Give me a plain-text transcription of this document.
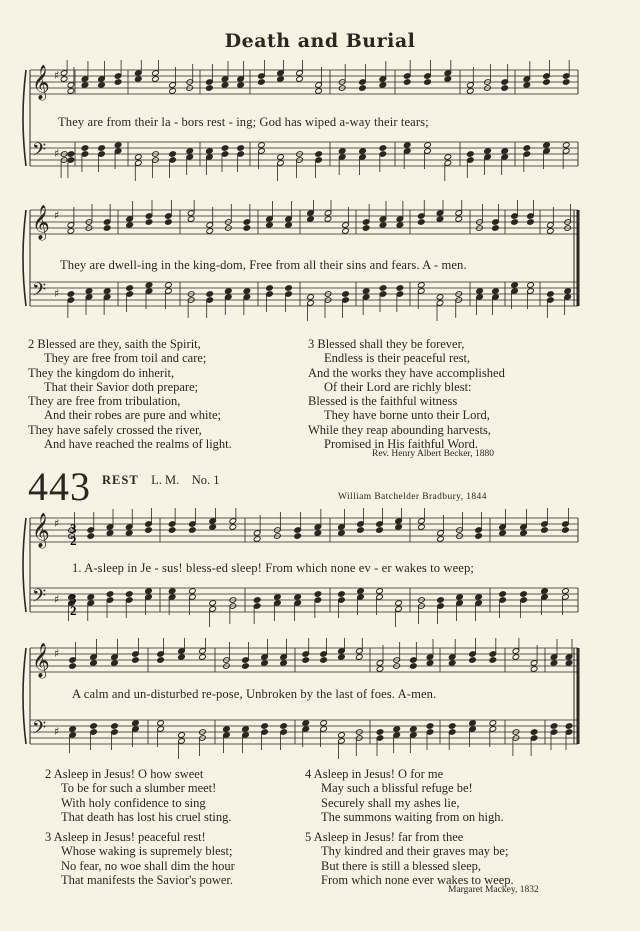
Death and Burial
𝄞 ♯
𝄢 ♯
They are from their la - bors rest - ing; God has wiped a-way their tears;
𝄞 ♯
𝄢 ♯
They are dwell-ing in the king-dom, Free from all their sins and fears. A - men.
2 Blessed are they, saith the Spirit,
They are free from toil and care;
They the kingdom do inherit,
That their Savior doth prepare;
They are free from tribulation,
And their robes are pure and white;
They have safely crossed the river,
And have reached the realms of light.
3 Blessed shall they be forever,
Endless is their peaceful rest,
And the works they have accomplished
Of their Lord are richly blest:
Blessed is the faithful witness
They have borne unto their Lord,
While they reap abounding harvests,
Promised in His faithful Word.
Rev. Henry Albert Becker, 1880
443 REST L. M. No. 1
William Batchelder Bradbury, 1844
𝄞 ♯
𝄢 ♯
3
2
3
2
1. A-sleep in Je - sus! bless-ed sleep! From which none ev - er wakes to weep;
𝄞 ♯
𝄢 ♯
A calm and un-disturbed re-pose, Unbroken by the last of foes. A-men.
2 Asleep in Jesus! O how sweet
To be for such a slumber meet!
With holy confidence to sing
That death has lost his cruel sting.
4 Asleep in Jesus! O for me
May such a blissful refuge be!
Securely shall my ashes lie,
The summons waiting from on high.
3 Asleep in Jesus! peaceful rest!
Whose waking is supremely blest;
No fear, no woe shall dim the hour
That manifests the Savior's power.
5 Asleep in Jesus! far from thee
Thy kindred and their graves may be;
But there is still a blessed sleep,
From which none ever wakes to weep.
Margaret Mackey, 1832
